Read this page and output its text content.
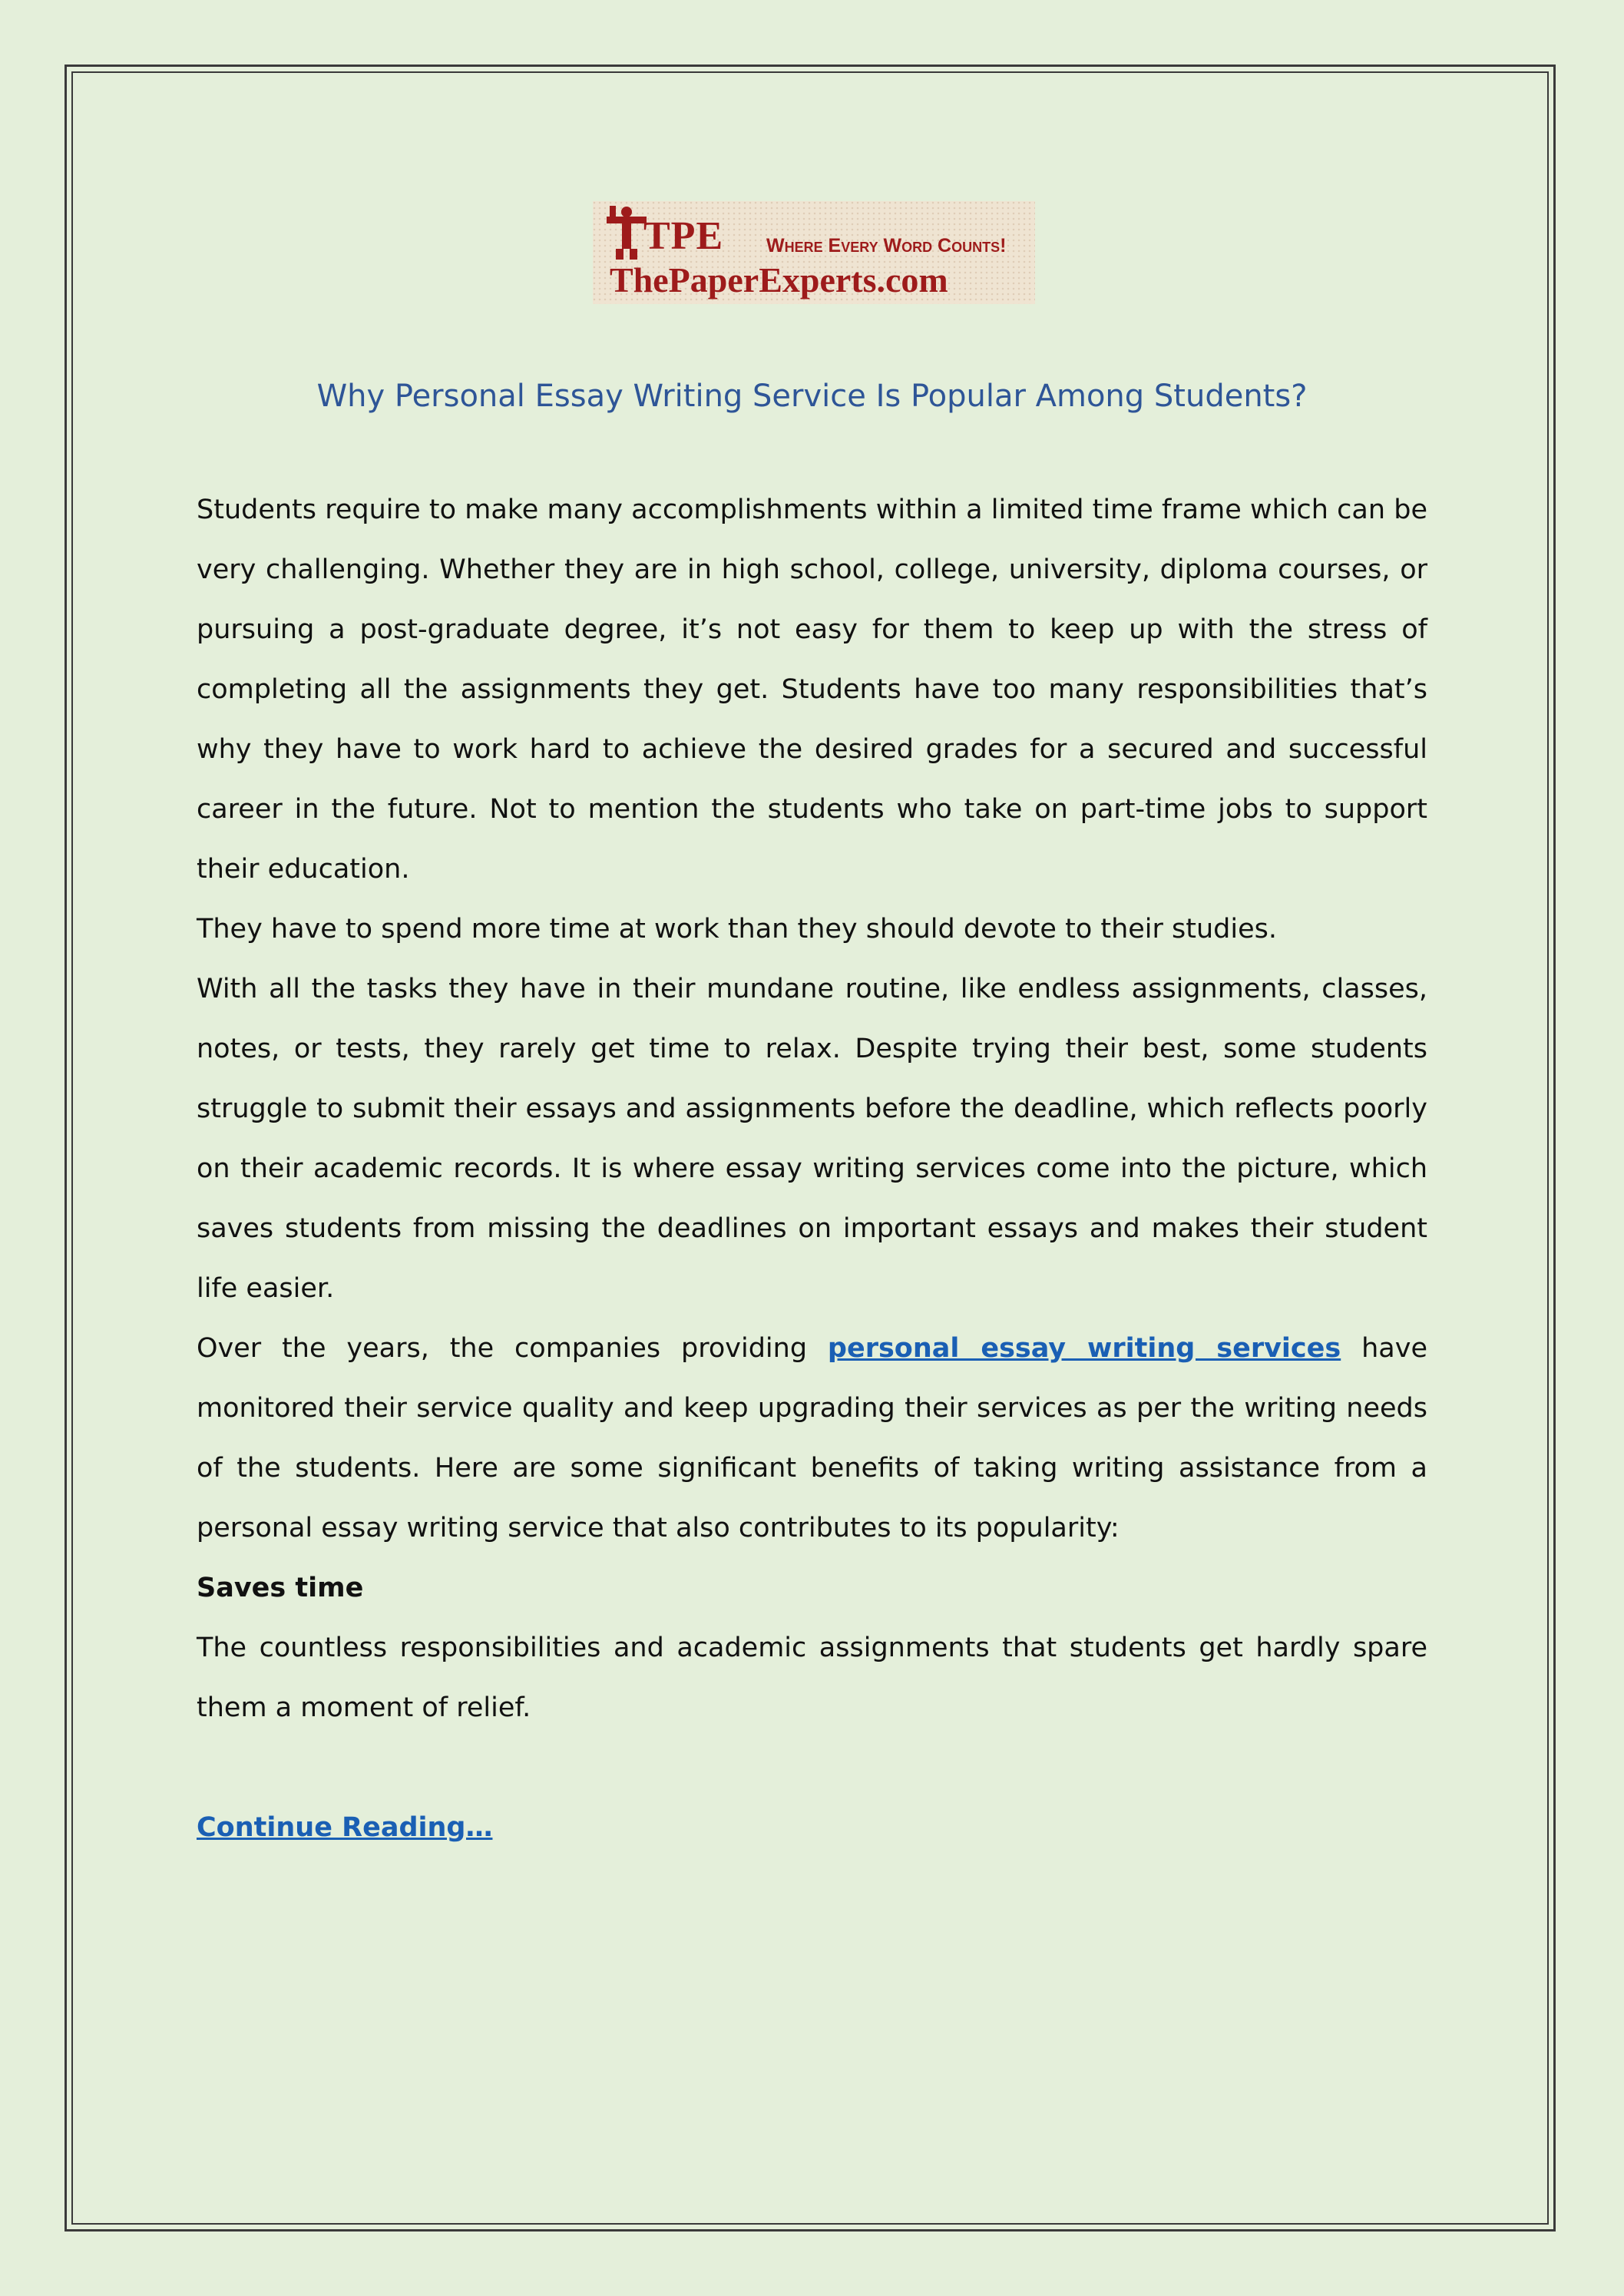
TPE Where Every Word Counts!
ThePaperExperts.com
Why Personal Essay Writing Service Is Popular Among Students?

Students require to make many accomplishments within a limited time frame which can be very challenging. Whether they are in high school, college, university, diploma courses, or pursuing a post-graduate degree, it’s not easy for them to keep up with the stress of completing all the assignments they get. Students have too many responsibilities that’s why they have to work hard to achieve the desired grades for a secured and successful career in the future. Not to mention the students who take on part-time jobs to support their education.

They have to spend more time at work than they should devote to their studies.

With all the tasks they have in their mundane routine, like endless assignments, classes, notes, or tests, they rarely get time to relax. Despite trying their best, some students struggle to submit their essays and assignments before the deadline, which reflects poorly on their academic records. It is where essay writing services come into the picture, which saves students from missing the deadlines on important essays and makes their student life easier.

Over the years, the companies providing personal essay writing services have monitored their service quality and keep upgrading their services as per the writing needs of the students. Here are some significant benefits of taking writing assistance from a personal essay writing service that also contributes to its popularity:

Saves time

The countless responsibilities and academic assignments that students get hardly spare them a moment of relief.

Continue Reading…
